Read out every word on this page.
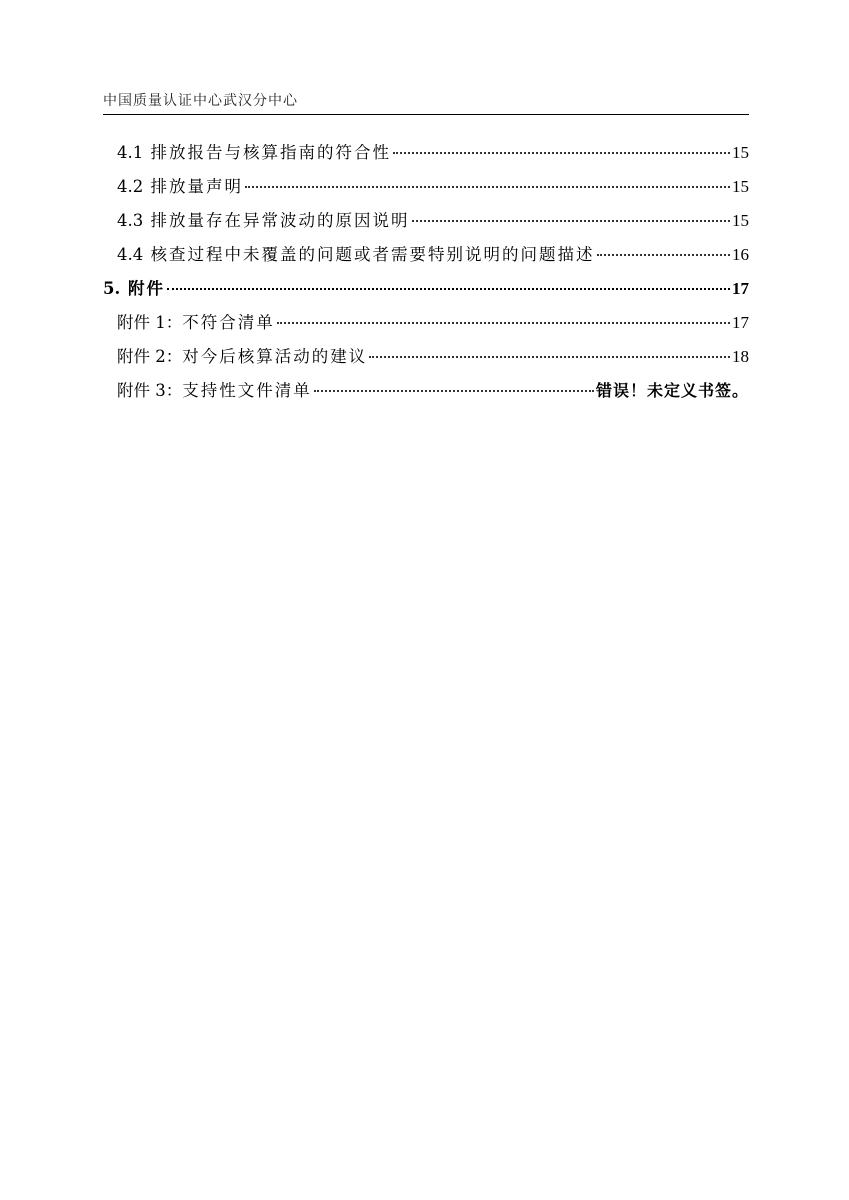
中国质量认证中心武汉分中心
4.1 排放报告与核算指南的符合性	15
4.2 排放量声明	15
4.3 排放量存在异常波动的原因说明	15
4.4 核查过程中未覆盖的问题或者需要特别说明的问题描述	16
5. 附件	17
附件 1：不符合清单	17
附件 2：对今后核算活动的建议	18
附件 3：支持性文件清单	错误！未定义书签。
